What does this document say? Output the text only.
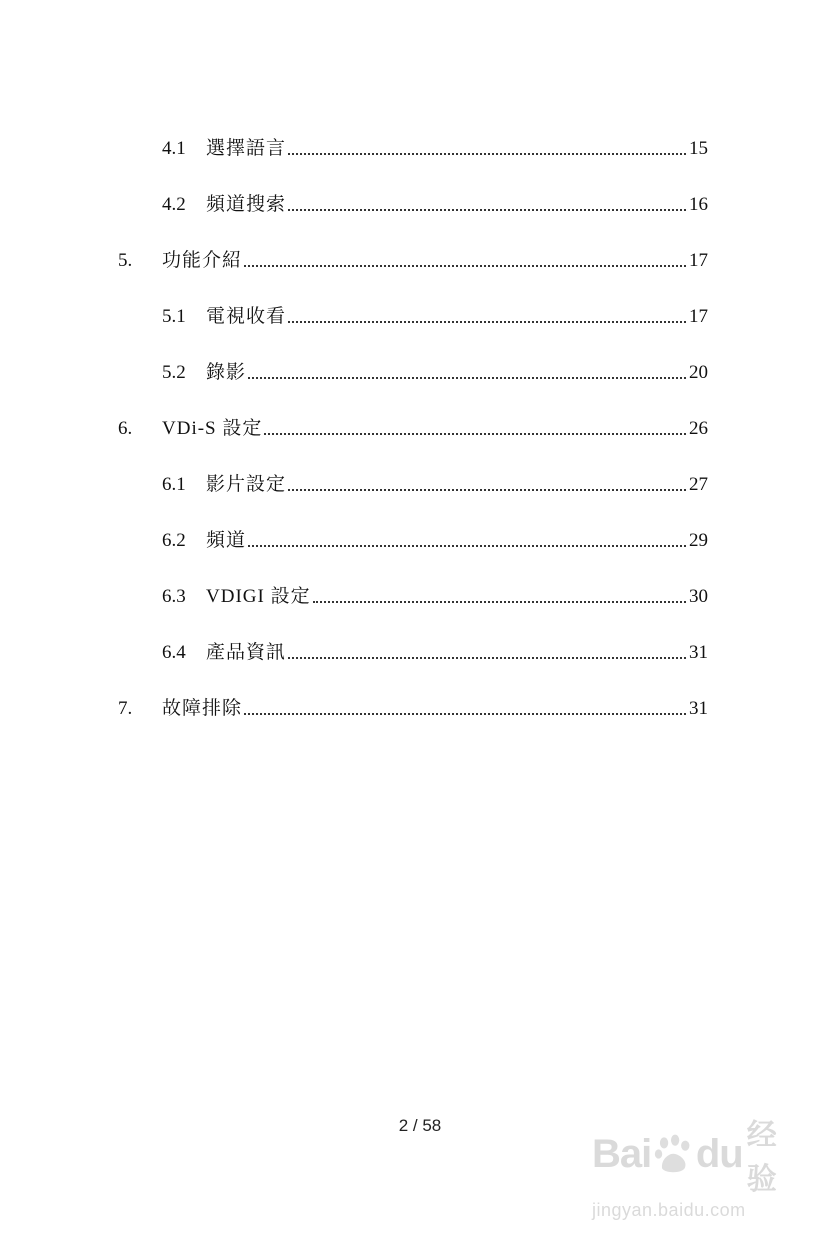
4.1	選擇語言	15
4.2	頻道搜索	16
5.	功能介紹	17
5.1	電視收看	17
5.2	錄影	20
6.	VDi-S 設定	26
6.1	影片設定	27
6.2	頻道	29
6.3	VDIGI 設定	30
6.4	產品資訊	31
7.	故障排除	31
2 / 58
Bai du 经验
jingyan.baidu.com
